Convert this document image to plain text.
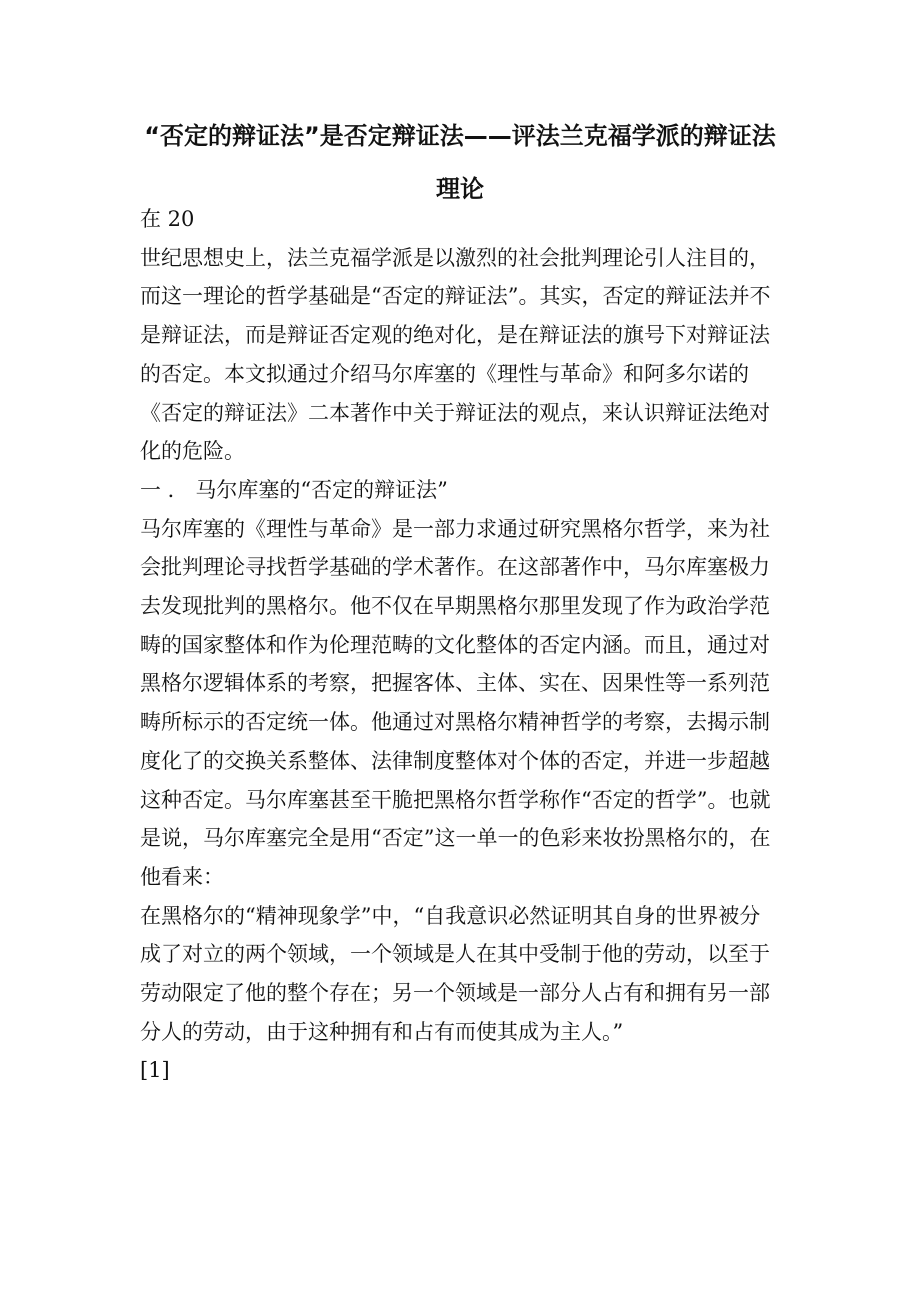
“否定的辩证法”是否定辩证法——评法兰克福学派的辩证法理论

在 20

世纪思想史上，法兰克福学派是以激烈的社会批判理论引人注目的，而这一理论的哲学基础是“否定的辩证法”。其实，否定的辩证法并不是辩证法，而是辩证否定观的绝对化，是在辩证法的旗号下对辩证法的否定。本文拟通过介绍马尔库塞的《理性与革命》和阿多尔诺的《否定的辩证法》二本著作中关于辩证法的观点，来认识辩证法绝对化的危险。

一 ． 马尔库塞的“否定的辩证法”

马尔库塞的《理性与革命》是一部力求通过研究黑格尔哲学，来为社会批判理论寻找哲学基础的学术著作。在这部著作中，马尔库塞极力去发现批判的黑格尔。他不仅在早期黑格尔那里发现了作为政治学范畴的国家整体和作为伦理范畴的文化整体的否定内涵。而且，通过对黑格尔逻辑体系的考察，把握客体、主体、实在、因果性等一系列范畴所标示的否定统一体。他通过对黑格尔精神哲学的考察，去揭示制度化了的交换关系整体、法律制度整体对个体的否定，并进一步超越这种否定。马尔库塞甚至干脆把黑格尔哲学称作“否定的哲学”。也就是说，马尔库塞完全是用“否定”这一单一的色彩来妆扮黑格尔的，在他看来：

在黑格尔的“精神现象学”中，“自我意识必然证明其自身的世界被分成了对立的两个领域，一个领域是人在其中受制于他的劳动，以至于劳动限定了他的整个存在；另一个领域是一部分人占有和拥有另一部分人的劳动，由于这种拥有和占有而使其成为主人。”

[1]
